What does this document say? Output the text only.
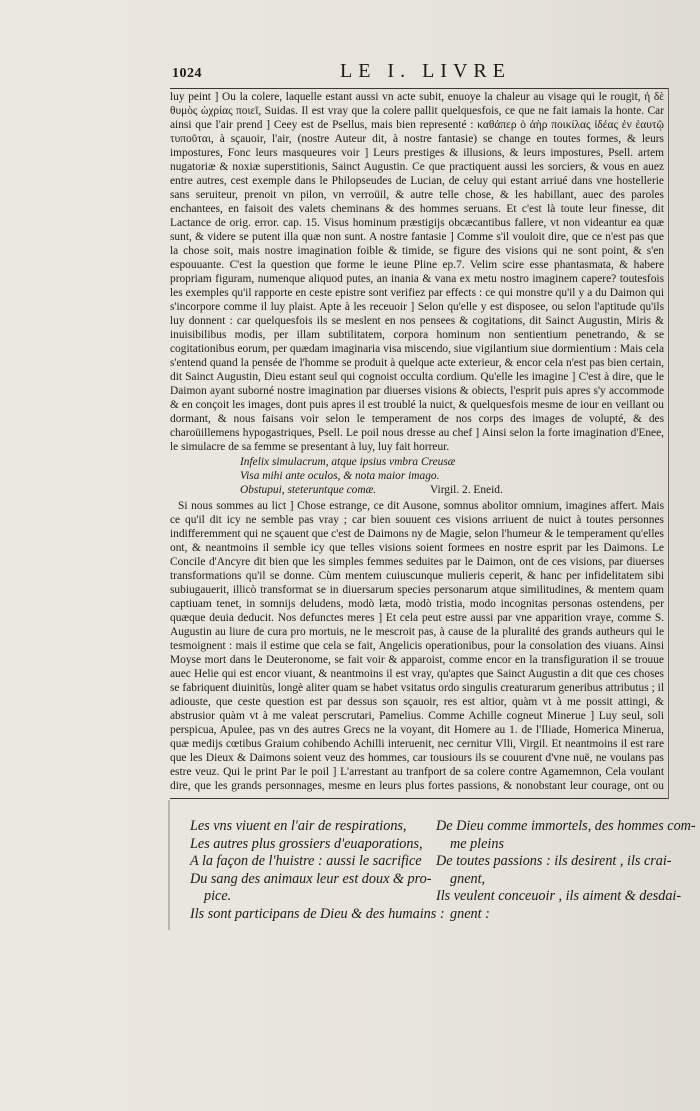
1024	LE I. LIVRE

luy peint ] Ou la colere, laquelle estant aussi vn acte subit, enuoye la chaleur au visage qui le rougit, ἡ δὲ θυμὸς ὠχρίας ποιεῖ, Suidas. Il est vray que la colere pallit quelquesfois, ce que ne fait iamais la honte. Car ainsi que l'air prend ] Ceey est de Psellus, mais bien representé : καθάπερ ὁ ἀὴρ ποικίλας ἰδέας ἐν ἑαυτῷ τυποῦται, à sçauoir, l'air, (nostre Auteur dit, à nostre fantasie) se change en toutes formes, & leurs impostures, Fonc leurs masqueures voir ] Leurs prestiges & illusions, & leurs impostures, Psell. artem nugatoriæ & noxiæ superstitionis, Sainct Augustin. Ce que practiquent aussi les sorciers, & vous en auez entre autres, cest exemple dans le Philopseudes de Lucian, de celuy qui estant arriué dans vne hostellerie sans seruiteur, prenoit vn pilon, vn verroüil, & autre telle chose, & les habillant, auec des paroles enchantees, en faisoit des valets cheminans & des hommes seruans. Et c'est là toute leur finesse, dit Lactance de orig. error. cap. 15. Visus hominum præstigijs obcæcantibus fallere, vt non videantur ea quæ sunt, & videre se putent illa quæ non sunt. A nostre fantasie ] Comme s'il vouloit dire, que ce n'est pas que la chose soit, mais nostre imagination foible & timide, se figure des visions qui ne sont point, & s'en espouuante. C'est la question que forme le ieune Pline ep.7. Velim scire esse phantasmata, & habere propriam figuram, numenque aliquod putes, an inania & vana ex metu nostro imaginem capere? toutesfois les exemples qu'il rapporte en ceste epistre sont verifiez par effects : ce qui monstre qu'il y a du Daimon qui s'incorpore comme il luy plaist. Apte à les receuoir ] Selon qu'elle y est disposee, ou selon l'aptitude qu'ils luy donnent : car quelquesfois ils se meslent en nos pensees & cogitations, dit Sainct Augustin, Miris & inuisibilibus modis, per illam subtilitatem, corpora hominum non sentientium penetrando, & se cogitationibus eorum, per quædam imaginaria visa miscendo, siue vigilantium siue dormientium : Mais cela s'entend quand la pensée de l'homme se produit à quelque acte exterieur, & encor cela n'est pas bien certain, dit Sainct Augustin, Dieu estant seul qui cognoist occulta cordium. Qu'elle les imagine ] C'est à dire, que le Daimon ayant suborné nostre imagination par diuerses visions & obiects, l'esprit puis apres s'y accommode & en conçoit les images, dont puis apres il est troublé la nuict, & quelquesfois mesme de iour en veillant ou dormant, & nous faisans voir selon le temperament de nos corps des images de volupté, & des charoüillemens hypogastriques, Psell. Le poil nous dresse au chef ] Ainsi selon la forte imagination d'Enee, le simulacre de sa femme se presentant à luy, luy fait horreur.

Infelix simulacrum, atque ipsius vmbra Creusæ
Visa mihi ante oculos, & nota maior imago.
Obstupui, steteruntque comæ.	Virgil. 2. Eneid.

Si nous sommes au lict ] Chose estrange, ce dit Ausone, somnus abolitor omnium, imagines affert. Mais ce qu'il dit icy ne semble pas vray ; car bien souuent ces visions arriuent de nuict à toutes personnes indifferemment qui ne sçauent que c'est de Daimons ny de Magie, selon l'humeur & le temperament qu'elles ont, & neantmoins il semble icy que telles visions soient formees en nostre esprit par les Daimons. Le Concile d'Ancyre dit bien que les simples femmes seduites par le Daimon, ont de ces visions, par diuerses transformations qu'il se donne. Cùm mentem cuiuscunque mulieris ceperit, & hanc per infidelitatem sibi subiugauerit, illicò transformat se in diuersarum species personarum atque similitudines, & mentem quam captiuam tenet, in somnijs deludens, modò læta, modò tristia, modo incognitas personas ostendens, per quæque deuia deducit. Nos defunctes meres ] Et cela peut estre aussi par vne apparition vraye, comme S. Augustin au liure de cura pro mortuis, ne le mescroit pas, à cause de la pluralité des grands autheurs qui le tesmoignent : mais il estime que cela se fait, Angelicis operationibus, pour la consolation des viuans. Ainsi Moyse mort dans le Deuteronome, se fait voir & apparoist, comme encor en la transfiguration il se trouue auec Helie qui est encor viuant, & neantmoins il est vray, qu'aptes que Sainct Augustin a dit que ces choses se fabriquent diuinitùs, longè aliter quam se habet vsitatus ordo singulis creaturarum generibus attributus ; il adiouste, que ceste question est par dessus son sçauoir, res est altior, quàm vt à me possit attingi, & abstrusior quàm vt à me valeat perscrutari, Pamelius. Comme Achille cogneut Minerue ] Luy seul, soli perspicua, Apulee, pas vn des autres Grecs ne la voyant, dit Homere au 1. de l'Iliade, Homerica Minerua, quæ medijs cœtibus Graium cohibendo Achilli interuenit, nec cernitur Vlli, Virgil. Et neantmoins il est rare que les Dieux & Daimons soient veuz des hommes, car tousiours ils se couurent d'vne nuë, ne voulans pas estre veuz. Qui le print Par le poil ] L'arrestant au tranfport de sa colere contre Agamemnon, Cela voulant dire, que les grands personnages, mesme en leurs plus fortes passions, & nonobstant leur courage, ont ou

Les vns viuent en l'air de respirations,
Les autres plus grossiers d'euaporations,
A la façon de l'huistre : aussi le sacrifice
Du sang des animaux leur est doux & pro-
pice.
Ils sont participans de Dieu & des humains :
De Dieu comme immortels, des hommes com-
me pleins
De toutes passions : ils desirent , ils crai-
gnent,
Ils veulent conceuoir , ils aiment & desdai-
gnent :
